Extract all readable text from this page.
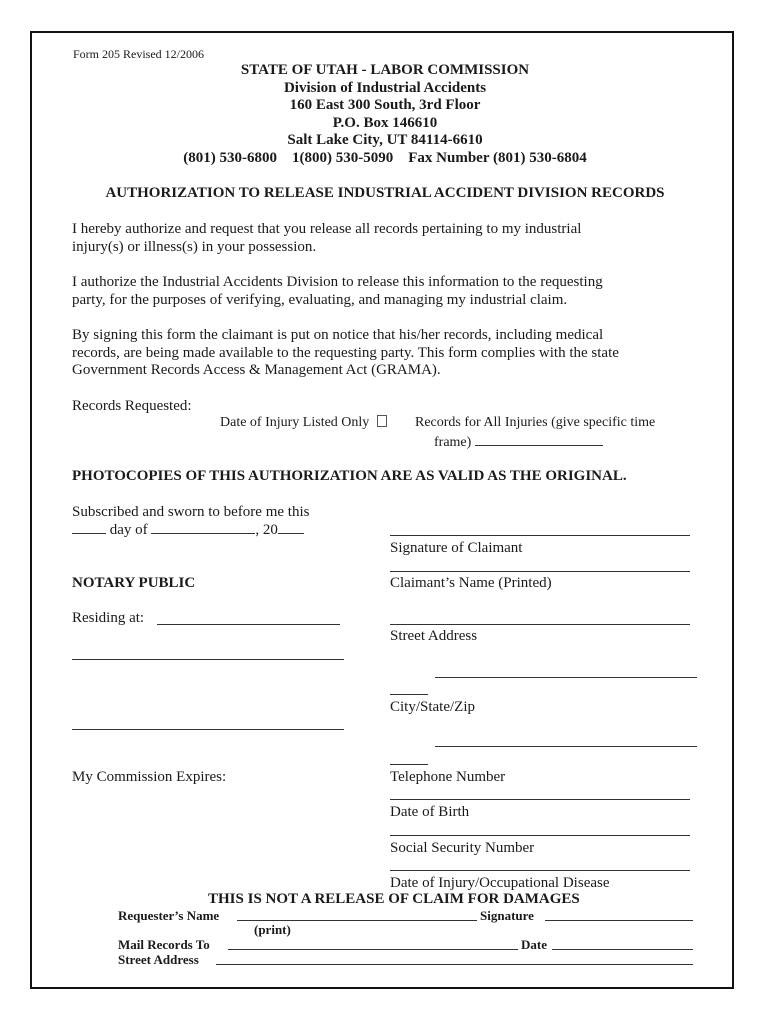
Form 205 Revised 12/2006
STATE OF UTAH - LABOR COMMISSION
Division of Industrial Accidents
160 East 300 South, 3rd Floor
P.O. Box 146610
Salt Lake City, UT 84114-6610
(801) 530-6800    1(800) 530-5090    Fax Number (801) 530-6804
AUTHORIZATION TO RELEASE INDUSTRIAL ACCIDENT DIVISION RECORDS
I hereby authorize and request that you release all records pertaining to my industrial
injury(s) or illness(s) in your possession.
I authorize the Industrial Accidents Division to release this information to the requesting
party, for the purposes of verifying, evaluating, and managing my industrial claim.
By signing this form the claimant is put on notice that his/her records, including medical
records, are being made available to the requesting party. This form complies with the state
Government Records Access & Management Act (GRAMA).
Records Requested:
Date of Injury Listed Only	Records for All Injuries (give specific time
frame)
PHOTOCOPIES OF THIS AUTHORIZATION ARE AS VALID AS THE ORIGINAL.
Subscribed and sworn to before me this
day of	, 20
NOTARY PUBLIC
Residing at:
My Commission Expires:
Signature of Claimant
Claimant’s Name (Printed)
Street Address
City/State/Zip
Telephone Number
Date of Birth
Social Security Number
Date of Injury/Occupational Disease
THIS IS NOT A RELEASE OF CLAIM FOR DAMAGES
Requester’s Name	Signature
(print)
Mail Records To	Date
Street Address
